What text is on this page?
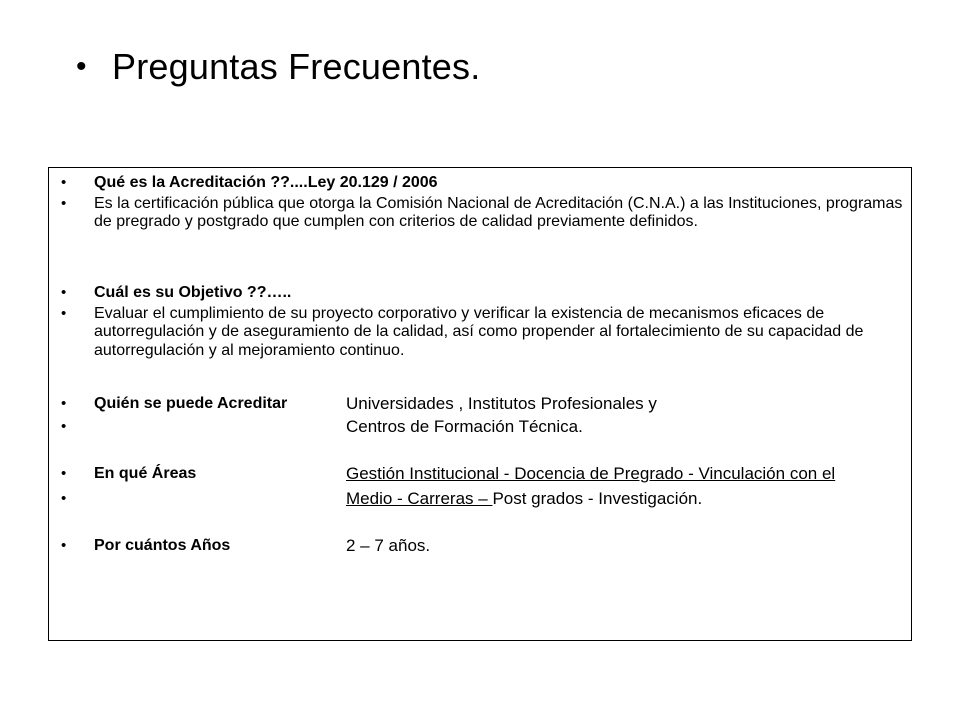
• Preguntas Frecuentes.
• Qué es la Acreditación ??....Ley 20.129 / 2006
• Es la certificación pública que otorga la Comisión Nacional de Acreditación (C.N.A.) a las Instituciones, programas de pregrado y postgrado que cumplen con criterios de calidad previamente definidos.
• Cuál es su Objetivo ??…..
• Evaluar el cumplimiento de su proyecto corporativo y verificar la existencia de mecanismos eficaces de autorregulación y de aseguramiento de la calidad, así como propender al fortalecimiento de su capacidad de autorregulación y al mejoramiento continuo.
• Quién se puede Acreditar	Universidades , Institutos Profesionales y
•	Centros de Formación Técnica.
• En qué Áreas	Gestión Institucional - Docencia de Pregrado - Vinculación con el
•	Medio - Carreras – Post grados - Investigación.
• Por cuántos Años	2 – 7 años.
